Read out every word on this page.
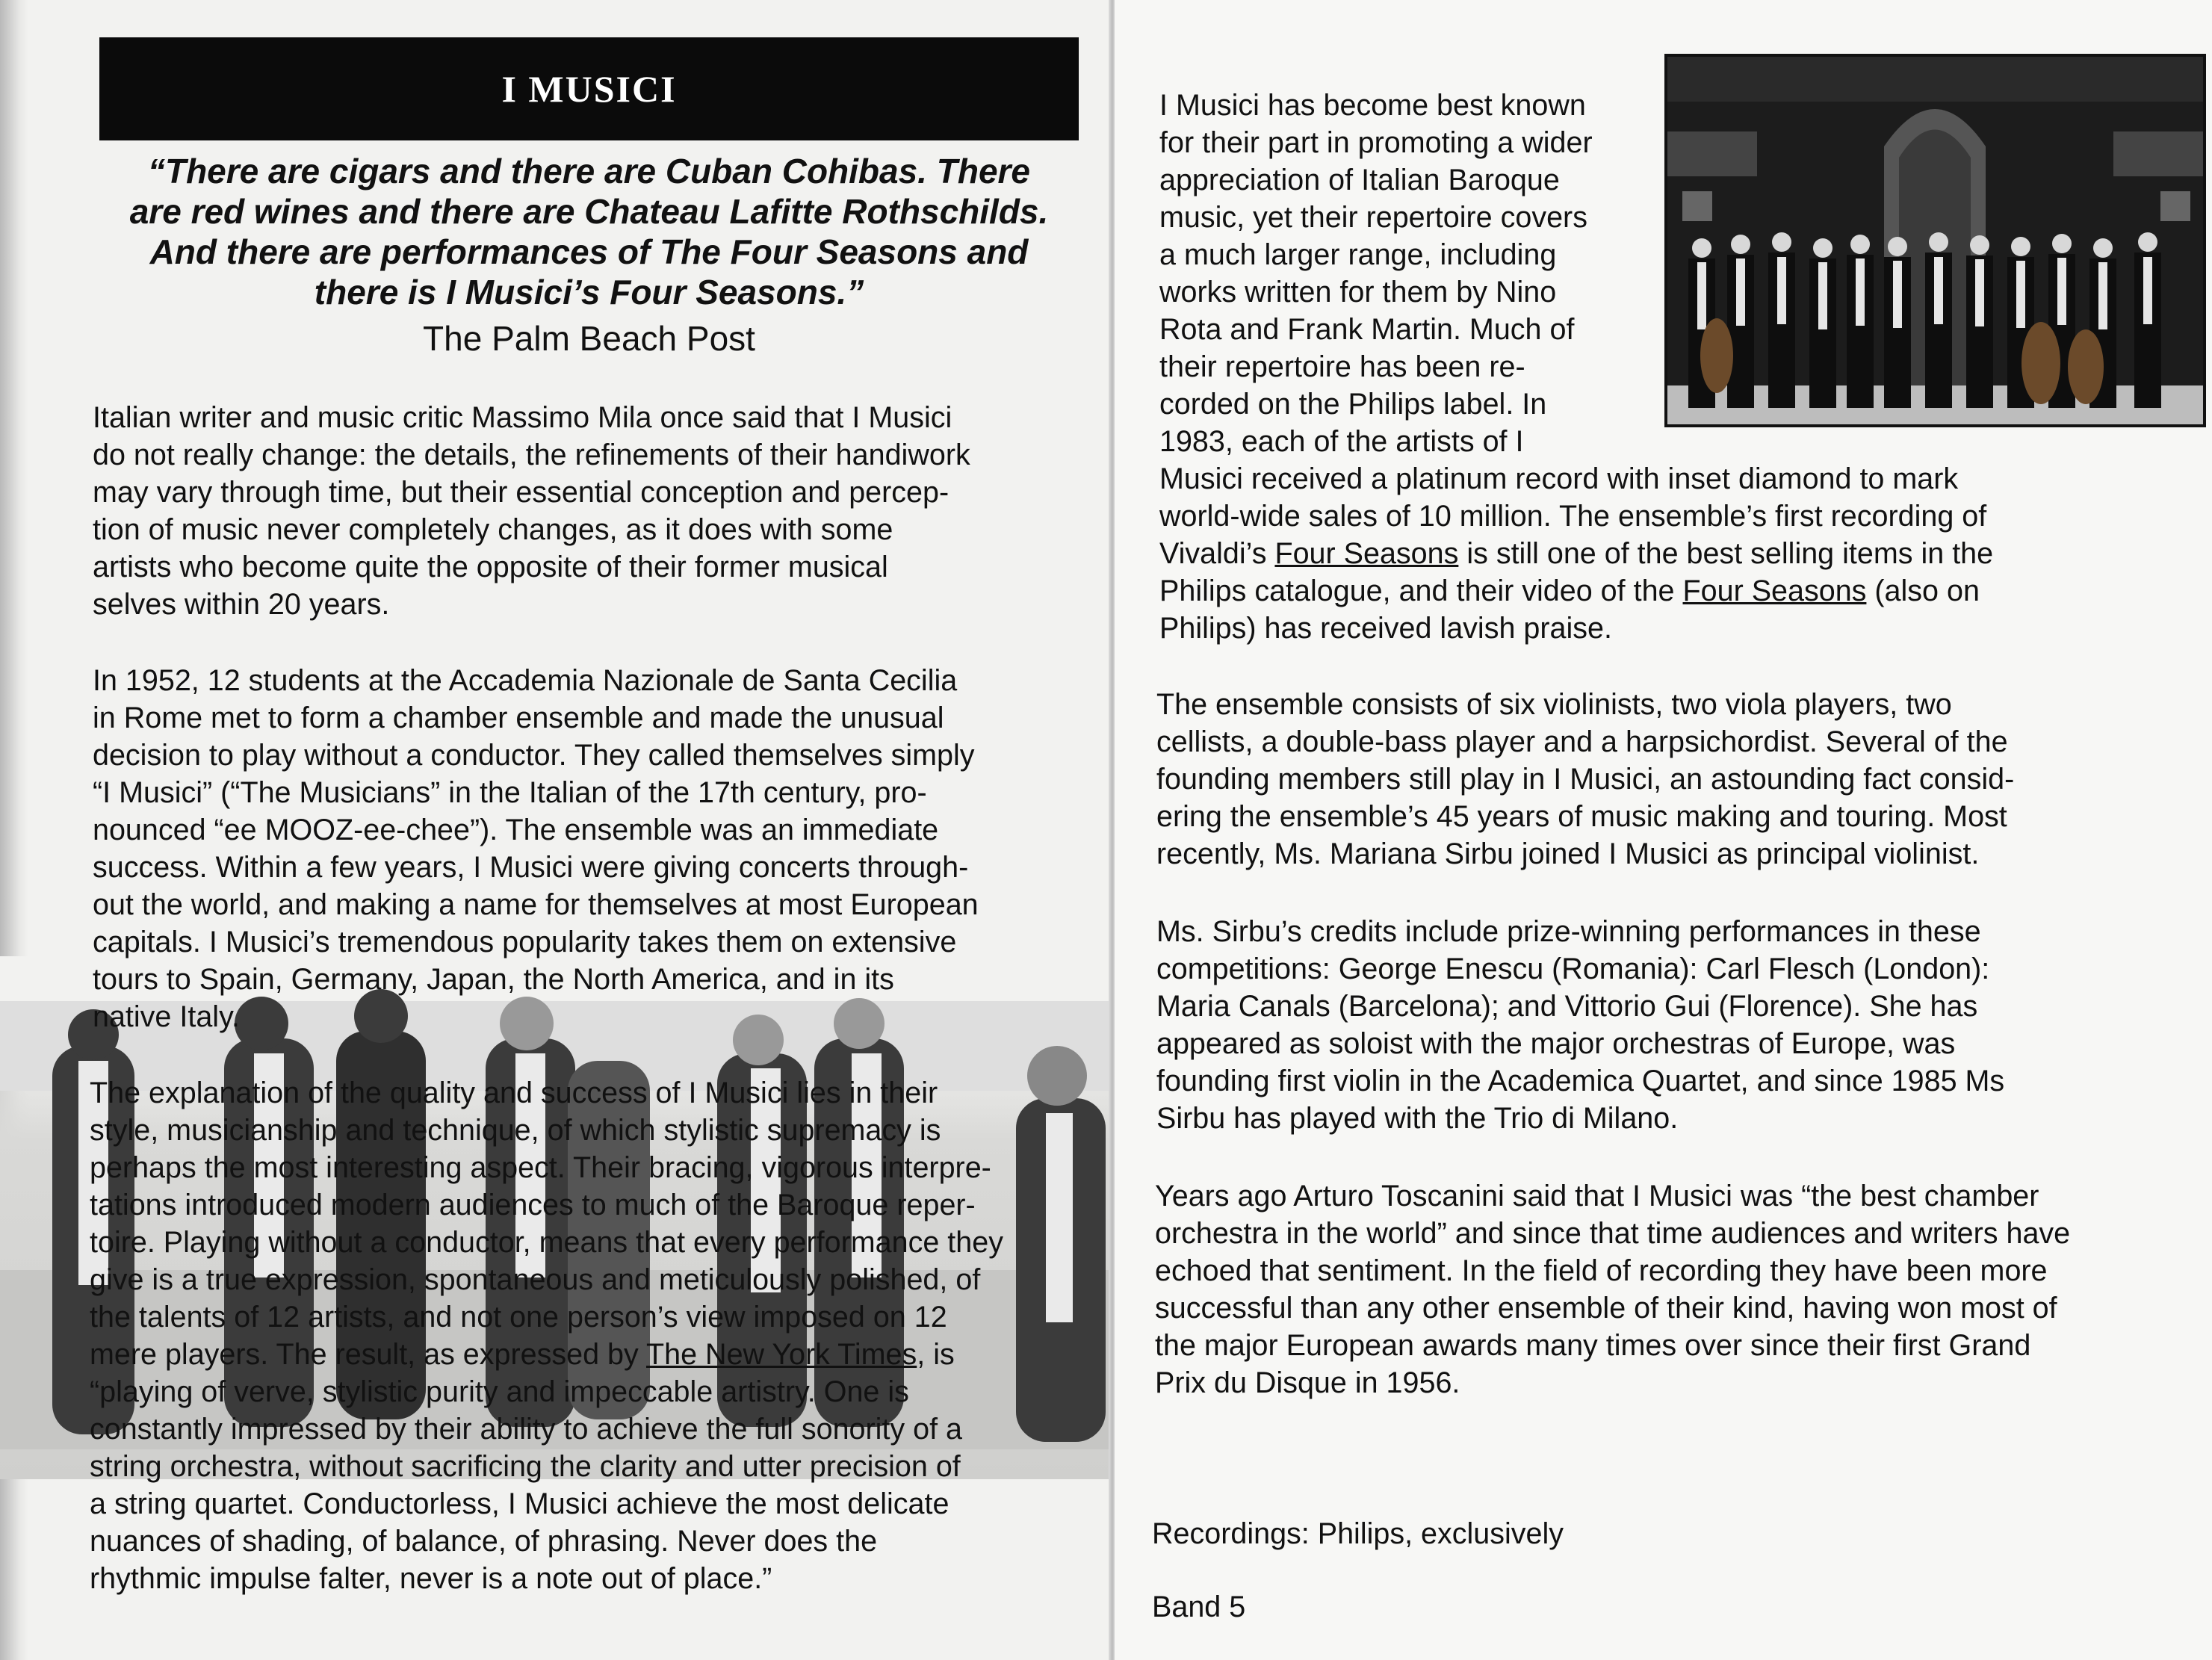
I MUSICI
“There are cigars and there are Cuban Cohibas. There
are red wines and there are Chateau Lafitte Rothschilds.
And there are performances of The Four Seasons and
there is I Musici’s Four Seasons.”
The Palm Beach Post

Italian writer and music critic Massimo Mila once said that I Musici
do not really change: the details, the refinements of their handiwork
may vary through time, but their essential conception and percep-
tion of music never completely changes, as it does with some
artists who become quite the opposite of their former musical
selves within 20 years.

In 1952, 12 students at the Accademia Nazionale de Santa Cecilia
in Rome met to form a chamber ensemble and made the unusual
decision to play without a conductor. They called themselves simply
“I Musici” (“The Musicians” in the Italian of the 17th century, pro-
nounced “ee MOOZ-ee-chee”). The ensemble was an immediate
success. Within a few years, I Musici were giving concerts through-
out the world, and making a name for themselves at most European
capitals. I Musici’s tremendous popularity takes them on extensive
tours to Spain, Germany, Japan, the North America, and in its
native Italy.

The explanation of the quality and success of I Musici lies in their
style, musicianship and technique, of which stylistic supremacy is
perhaps the most interesting aspect. Their bracing, vigorous interpre-
tations introduced modern audiences to much of the Baroque reper-
toire. Playing without a conductor, means that every performance they
give is a true expression, spontaneous and meticulously polished, of
the talents of 12 artists, and not one person’s view imposed on 12
mere players. The result, as expressed by The New York Times, is
“playing of verve, stylistic purity and impeccable artistry. One is
constantly impressed by their ability to achieve the full sonority of a
string orchestra, without sacrificing the clarity and utter precision of
a string quartet. Conductorless, I Musici achieve the most delicate
nuances of shading, of balance, of phrasing. Never does the
rhythmic impulse falter, never is a note out of place.”

I Musici has become best known
for their part in promoting a wider
appreciation of Italian Baroque
music, yet their repertoire covers
a much larger range, including
works written for them by Nino
Rota and Frank Martin. Much of
their repertoire has been re-
corded on the Philips label. In
1983, each of the artists of I

Musici received a platinum record with inset diamond to mark
world-wide sales of 10 million. The ensemble’s first recording of
Vivaldi’s Four Seasons is still one of the best selling items in the
Philips catalogue, and their video of the Four Seasons (also on
Philips) has received lavish praise.

The ensemble consists of six violinists, two viola players, two
cellists, a double-bass player and a harpsichordist. Several of the
founding members still play in I Musici, an astounding fact consid-
ering the ensemble’s 45 years of music making and touring. Most
recently, Ms. Mariana Sirbu joined I Musici as principal violinist.

Ms. Sirbu’s credits include prize-winning performances in these
competitions: George Enescu (Romania): Carl Flesch (London):
Maria Canals (Barcelona); and Vittorio Gui (Florence). She has
appeared as soloist with the major orchestras of Europe, was
founding first violin in the Academica Quartet, and since 1985 Ms
Sirbu has played with the Trio di Milano.

Years ago Arturo Toscanini said that I Musici was “the best chamber
orchestra in the world” and since that time audiences and writers have
echoed that sentiment. In the field of recording they have been more
successful than any other ensemble of their kind, having won most of
the major European awards many times over since their first Grand
Prix du Disque in 1956.

Recordings: Philips, exclusively

Band 5
